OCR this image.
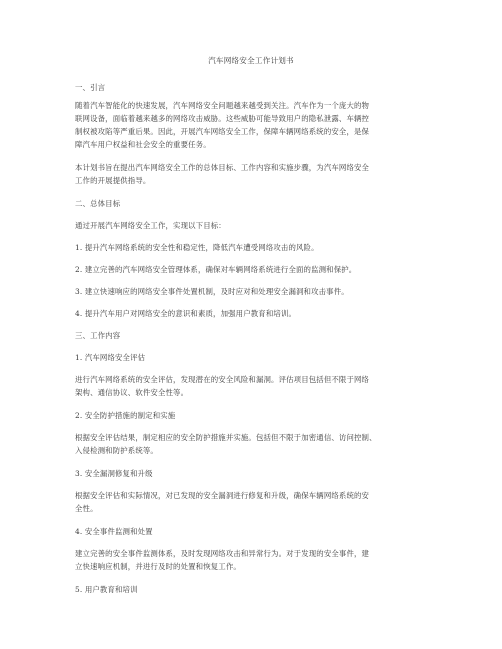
汽车网络安全工作计划书
一、引言
随着汽车智能化的快速发展，汽车网络安全问题越来越受到关注。汽车作为一个庞大的物
联网设备，面临着越来越多的网络攻击威胁。这些威胁可能导致用户的隐私泄露、车辆控
制权被攻陷等严重后果。因此，开展汽车网络安全工作，保障车辆网络系统的安全，是保
障汽车用户权益和社会安全的重要任务。
本计划书旨在提出汽车网络安全工作的总体目标、工作内容和实施步骤，为汽车网络安全
工作的开展提供指导。
二、总体目标
通过开展汽车网络安全工作，实现以下目标：
1. 提升汽车网络系统的安全性和稳定性，降低汽车遭受网络攻击的风险。
2. 建立完善的汽车网络安全管理体系，确保对车辆网络系统进行全面的监测和保护。
3. 建立快速响应的网络安全事件处置机制，及时应对和处理安全漏洞和攻击事件。
4. 提升汽车用户对网络安全的意识和素质，加强用户教育和培训。
三、工作内容
1. 汽车网络安全评估
进行汽车网络系统的安全评估，发现潜在的安全风险和漏洞。评估项目包括但不限于网络
架构、通信协议、软件安全性等。
2. 安全防护措施的制定和实施
根据安全评估结果，制定相应的安全防护措施并实施。包括但不限于加密通信、访问控制、
入侵检测和防护系统等。
3. 安全漏洞修复和升级
根据安全评估和实际情况，对已发现的安全漏洞进行修复和升级，确保车辆网络系统的安
全性。
4. 安全事件监测和处置
建立完善的安全事件监测体系，及时发现网络攻击和异常行为。对于发现的安全事件，建
立快速响应机制，并进行及时的处置和恢复工作。
5. 用户教育和培训
